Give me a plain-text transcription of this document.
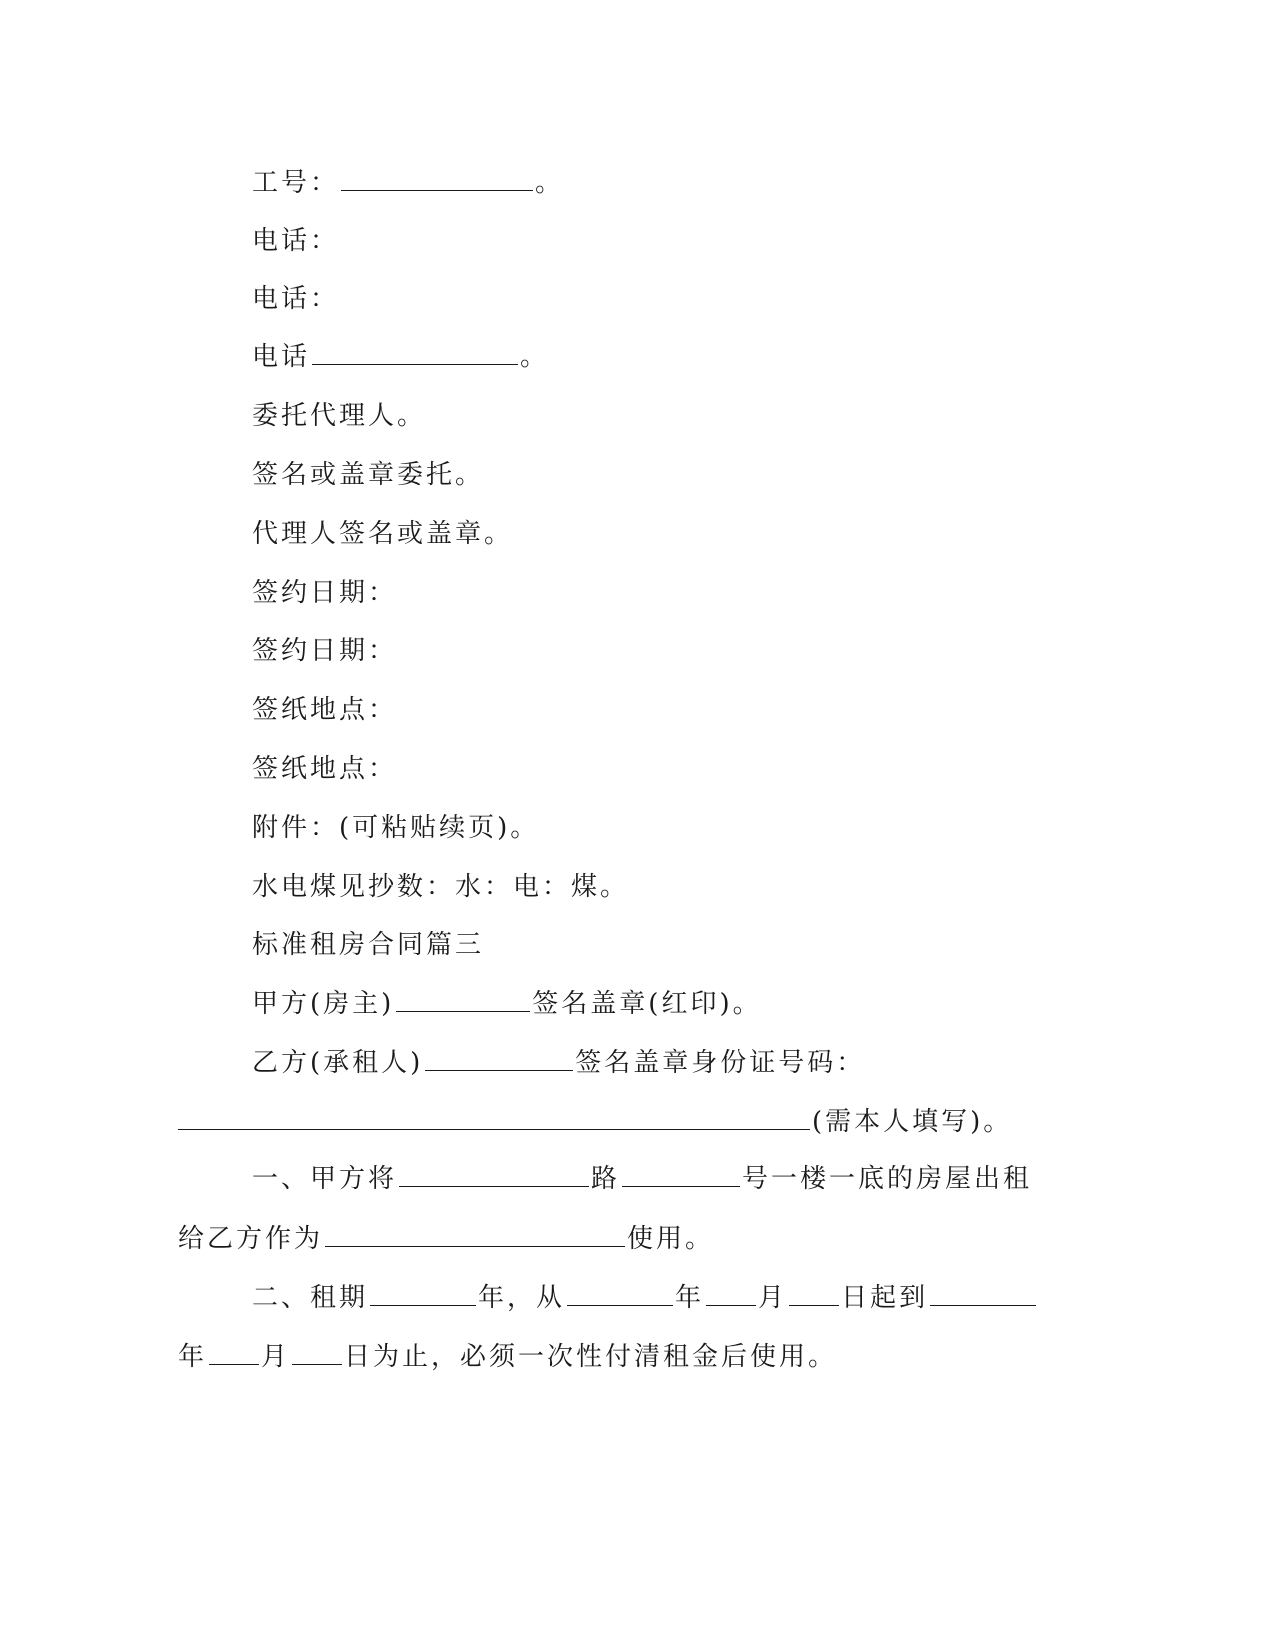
工号：	。
电话：
电话：
电话	。
委托代理人。
签名或盖章委托。
代理人签名或盖章。
签约日期：
签约日期：
签纸地点：
签纸地点：
附件：(可粘贴续页)。
水电煤见抄数：水：电：煤。
标准租房合同篇三
甲方(房主)	签名盖章(红印)。
乙方(承租人)	签名盖章身份证号码：
(需本人填写)。
一、甲方将	路	号一楼一底的房屋出租
给乙方作为	使用。
二、租期	年，从	年 月 日起到
年 月 日为止，必须一次性付清租金后使用。
